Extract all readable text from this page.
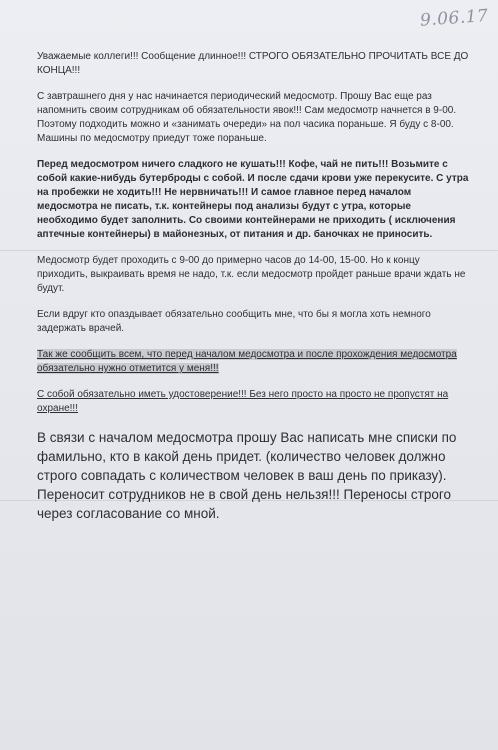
9.06.17

Уважаемые коллеги!!! Сообщение длинное!!! СТРОГО ОБЯЗАТЕЛЬНО ПРОЧИТАТЬ ВСЕ ДО КОНЦА!!!

С завтрашнего дня у нас начинается периодический медосмотр. Прошу Вас еще раз напомнить своим сотрудникам об обязательности явок!!! Сам медосмотр начнется в 9-00. Поэтому подходить можно и «занимать очереди» на пол часика пораньше. Я буду с 8-00. Машины по медосмотру приедут тоже пораньше.

Перед медосмотром ничего сладкого не кушать!!! Кофе, чай не пить!!! Возьмите с собой какие-нибудь бутерброды с собой. И после сдачи крови уже перекусите. С утра на пробежки не ходить!!! Не нервничать!!! И самое главное перед началом медосмотра не писать, т.к. контейнеры под анализы будут с утра, которые необходимо будет заполнить. Со своими контейнерами не приходить ( исключения аптечные контейнеры) в майонезных, от питания и др. баночках не приносить.

Медосмотр будет проходить с 9-00 до примерно часов до 14-00, 15-00. Но к концу приходить, выкраивать время не надо, т.к. если медосмотр пройдет раньше врачи ждать не будут.

Если вдруг кто опаздывает обязательно сообщить мне, что бы я могла хоть немного задержать врачей.

Так же сообщить всем, что перед началом медосмотра и после прохождения медосмотра обязательно нужно отметится у меня!!!

С собой обязательно иметь удостоверение!!! Без него просто на просто не пропустят на охране!!!

В связи с началом медосмотра прошу Вас написать мне списки по фамильно, кто в какой день придет. (количество человек должно строго совпадать с количеством человек в ваш день по приказу). Переносит сотрудников не в свой день нельзя!!! Переносы строго через согласование со мной.
